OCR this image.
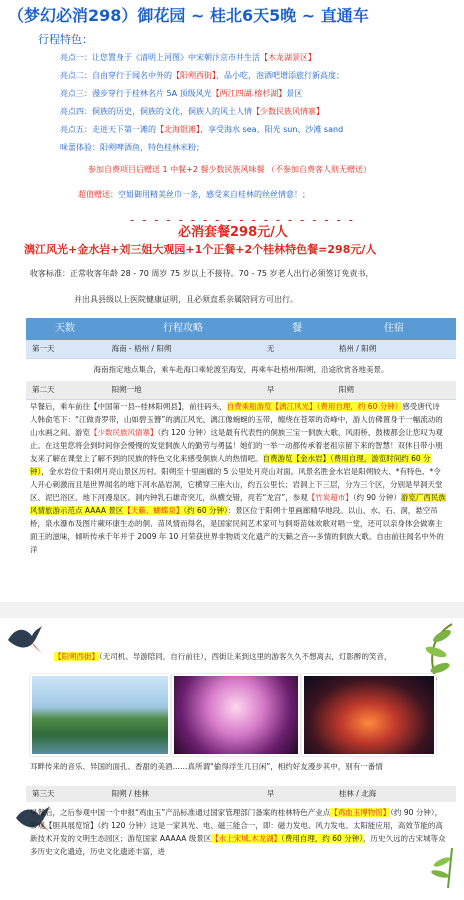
（梦幻必消298）御花园 ~ 桂北6天5晚 ~ 直通车
行程特色：
亮点一：让您置身于《清明上河图》中宋朝汴京市井生活【木龙湖景区】
亮点二：自由穿行于闻名中外的【阳朔西街】，品小吃，泡酒吧增添旅行新高度；
亮点三：漫步穿行于桂林名片 5A 顶级风光【两江四湖.榕杉湖】景区
亮点四：侗族的历史，侗族的文化，侗族人的风土人情【少数民族风情寨】
亮点五：走进天下第一滩的【北海银滩】，享受海水 sea、阳光 sun、沙滩 sand
味蕾体验：阳朔啤酒鱼，特色桂林米粉；
参加自费项目后赠送 1 中餐+2 餐少数民族风味餐 （不参加自费客人则无赠送）
超值赠送：空姐御用精美丝巾一条，感受来自桂林的丝丝情意！；
- - - - - - - - - - - - - - - - - - -
必消套餐298元/人
漓江风光+金水岩+刘三姐大观园+1个正餐+2个桂林特色餐=298元/人
收客标准：正常收客年龄 28 - 70 周岁 75 岁以上不接待。70 - 75 岁老人出行必须签订免责书，
并出具县级以上医院健康证明，且必须直系亲属陪同方可出行。
天数	行程攻略	餐	住宿
第一天	海南 - 梧州 / 阳朔	无	梧州 / 阳朔
海南指定地点集合，乘车赴海口乘轮渡至海安，再乘车赴梧州/阳朔，沿途欣赏各地美景。
第二天	阳朔一地	早	阳朔
早餐后，乘车前往【中国第一县--桂林阳朔县】，前往码头，自费乘船游览【漓江风光】（费用自理，约 60 分钟）感受唐代诗人韩俞笔下：“江做青罗带，山如碧玉簪”的漓江风光，漓江像蜿蜒的玉带，缠绕在苍翠的奇峰中，游人仿佛置身于一幅流动的山水画之间。游览【少数民族风情寨】（约 120 分钟）这是最有代表性的侗族三宝一侗族大歌、风雨桥、鼓楼都会让您叹为观止。在这里您将会到时间你会慢慢的发觉侗族人的勤劳与勇猛！她们的一举一动都传承着老祖宗留下来的智慧！双休日带小朋友来了解在课堂上了解不到的民族的特色文化来感受侗族人的热情吧。自费游览【金水岩】（费用自理，游览时间约 60 分钟），金水岩位于阳朔月亮山景区历村。阳朔至十里画廊的 5 公里处月亮山对面。风景名胜金水岩是阳朔较大、*有特色、*令人开心刺激而且是世界闻名的地下河水晶岩洞，它横穿三座大山，约五公里长；岩洞上下三层，分为三个区，分别是旱洞天堂区、泥巴浴区、地下河漫泉区。洞内钟乳石雄奇突兀，纵横交错，亮若“龙宫”，参观【竹炭超市】（约 90 分钟）游览广西民族风情旅游示范点 AAAA 景区【天籁、蝴蝶泉】（约 60 分钟）：景区位于阳朔十里画廊精华地段。以山、水、石、洞，悬空吊桥，泉水瀑布及图片蕨环康生态的侗、苗风情而得名，是国家民间艺术家可与侗哥苗妹欢歌对唱一堂，还可以亲身体会做寨主面王的滋味，倾听传承千年并于 2009 年 10 月荣获世界非物质文化遗产的天籁之音---多情的侗族大歌。自由前往闻名中外的洋
【阳朔西街】（无司机、导游陪同，自行前往），西街让来到这里的游客久久不想离去，灯影醉的笑音，
耳畔传来的音乐、异国的面孔、香甜的美酒……真所谓“偷得浮生几日闲”，相约好友漫步其中，别有一番情
第三天	阳朔 / 桂林	早	桂林 / 北海
早餐后，之后参观中国一个申报“鸡血玉”产品标准通过国家管理部门备案的桂林特色产业点【鸡血玉博物馆】（约 90 分钟），参观【胆具展览馆】（约 120 分钟）这是一家具光、电、磁三能合一，即：磁力发电、风力发电、太阳能应用，高效节能的高新技术开发的文明生态园区；游览国家 AAAAA 级景区【水上宋城.木龙湖】（费用自理，约 60 分钟），历史久远的古宋城等众多历史文化遗迹，历史文化遗迹丰富，进
